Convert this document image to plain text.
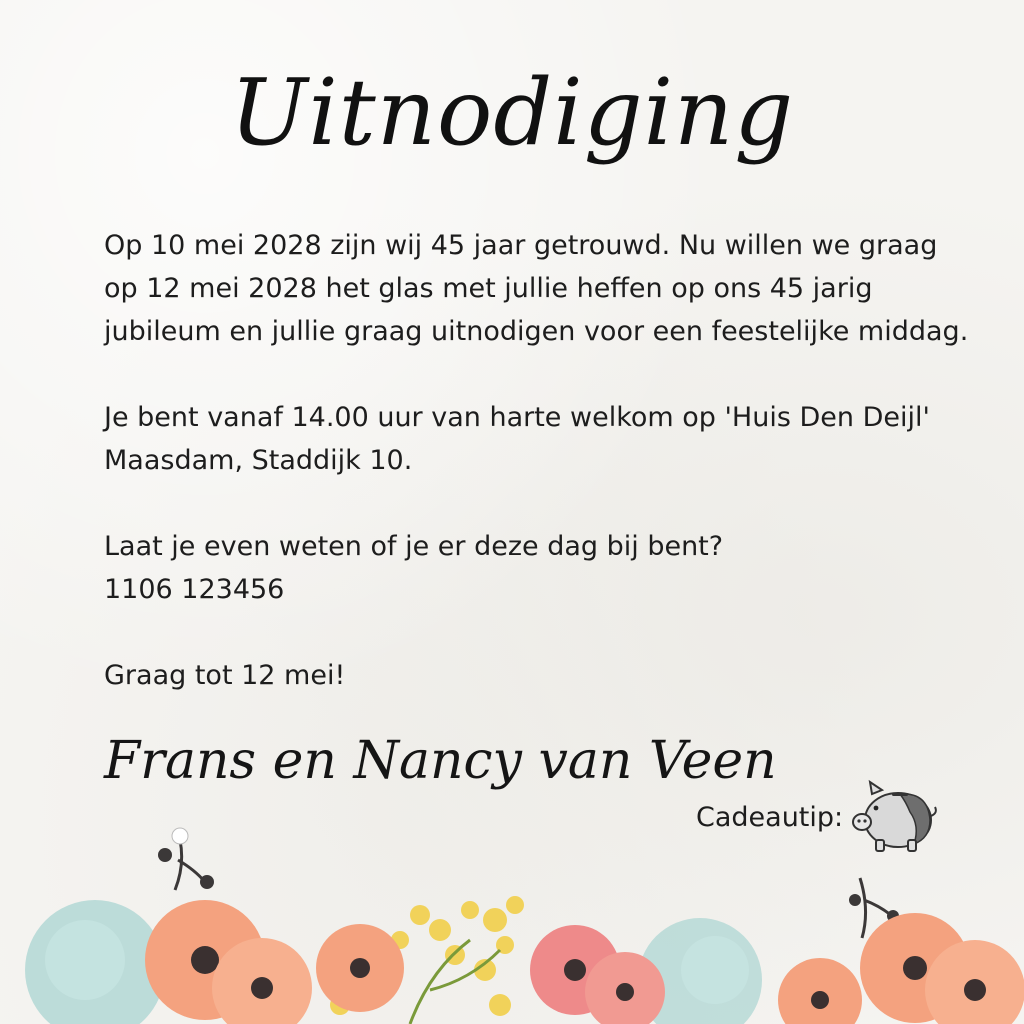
Uitnodiging

Op 10 mei 2028 zijn wij 45 jaar getrouwd. Nu willen we graag
op 12 mei 2028 het glas met jullie heffen op ons 45 jarig
jubileum en jullie graag uitnodigen voor een feestelijke middag.

Je bent vanaf 14.00 uur van harte welkom op 'Huis Den Deijl'
Maasdam, Staddijk 10.

Laat je even weten of je er deze dag bij bent?
1106 123456

Graag tot 12 mei!

Frans en Nancy van Veen
Cadeautip:
